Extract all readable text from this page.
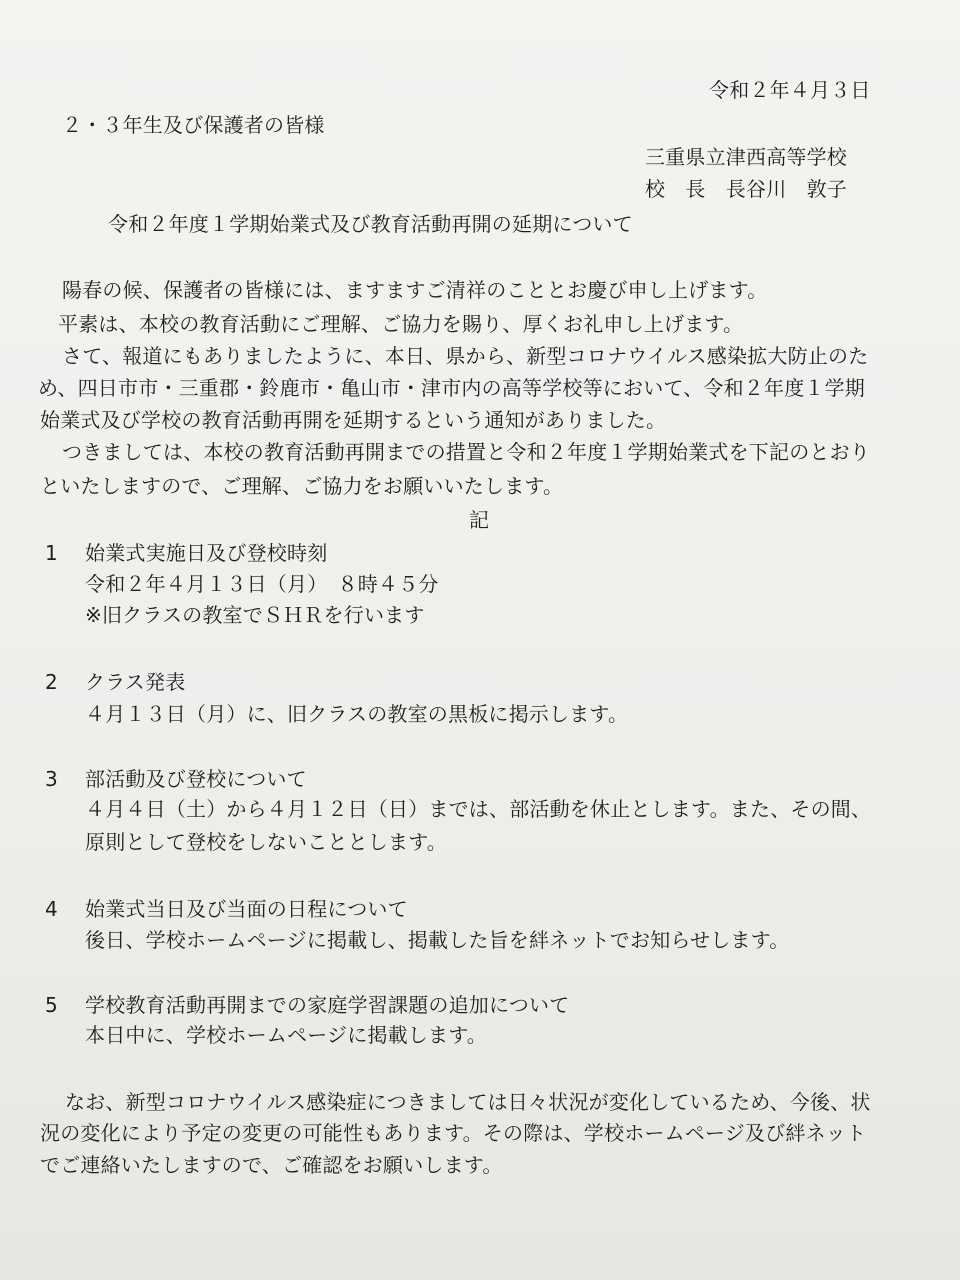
令和２年４月３日
２・３年生及び保護者の皆様
三重県立津西高等学校
校　長　長谷川　敦子
令和２年度１学期始業式及び教育活動再開の延期について
陽春の候、保護者の皆様には、ますますご清祥のこととお慶び申し上げます。
平素は、本校の教育活動にご理解、ご協力を賜り、厚くお礼申し上げます。
さて、報道にもありましたように、本日、県から、新型コロナウイルス感染拡大防止のた
め、四日市市・三重郡・鈴鹿市・亀山市・津市内の高等学校等において、令和２年度１学期
始業式及び学校の教育活動再開を延期するという通知がありました。
つきましては、本校の教育活動再開までの措置と令和２年度１学期始業式を下記のとおり
といたしますので、ご理解、ご協力をお願いいたします。
記
1 始業式実施日及び登校時刻
令和２年４月１３日（月）　８時４５分
※旧クラスの教室でＳＨＲを行います
2 クラス発表
４月１３日（月）に、旧クラスの教室の黒板に掲示します。
3 部活動及び登校について
４月４日（土）から４月１２日（日）までは、部活動を休止とします。また、その間、
原則として登校をしないこととします。
4 始業式当日及び当面の日程について
後日、学校ホームページに掲載し、掲載した旨を絆ネットでお知らせします。
5 学校教育活動再開までの家庭学習課題の追加について
本日中に、学校ホームページに掲載します。
なお、新型コロナウイルス感染症につきましては日々状況が変化しているため、今後、状
況の変化により予定の変更の可能性もあります。その際は、学校ホームページ及び絆ネット
でご連絡いたしますので、ご確認をお願いします。
